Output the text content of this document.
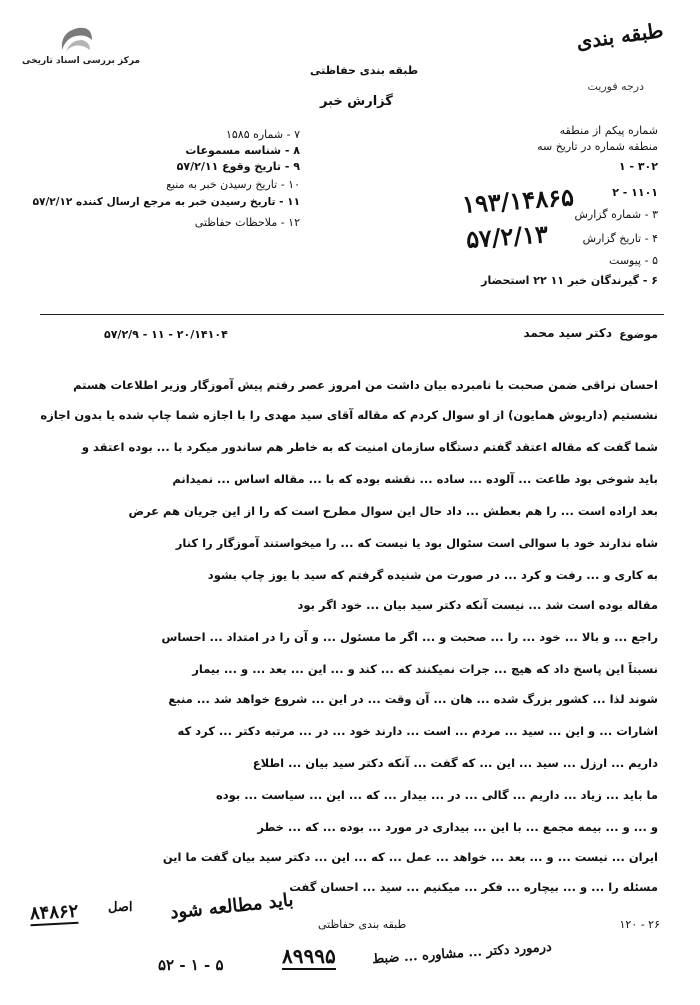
مرکز بررسی اسناد تاریخی
طبقه بندی
درجه فوریت
طبقه بندی حفاظتی
گزارش خبر
۷ - شماره ۱۵۸۵
۸ - شناسه مسموعات
۹ - تاریخ وقوع ۵۷/۲/۱۱
۱۰ - تاریخ رسیدن خبر به منبع
۱۱ - تاریخ رسیدن خبر به مرجع ارسال کننده ۵۷/۲/۱۲
۱۲ - ملاحظات حفاظتی
شماره پیکم از منطقه
منطقه شماره در تاریخ سه
۱ - ۳۰۲
۲ - ۱۱۰۱
۳ - شماره گزارش
۴ - تاریخ گزارش
۵ - پیوست
۶ - گیرندگان خبر ۱۱ ۲۲ استحضار
۱۹۳/۱۴۸۶۵
۵۷/۲/۱۳
موضوع
دکتر سید محمد
۵۷/۲/۹ - ۱۱ - ۲۰/۱۴۱۰۴
احسان نراقی ضمن صحبت با نامبرده بیان داشت من امروز عصر رفتم پیش آموزگار وزیر اطلاعات هستم
نشستیم (داریوش همایون) از او سوال کردم که مقاله آقای سید مهدی را با اجازه شما چاپ شده یا بدون اجازه
شما گفت که مقاله اعتقد گفتم دستگاه سازمان امنیت که به خاطر هم ساندور میکرد با ... بوده اعتقد و
باید شوخی بود طاعت ... آلوده ... ساده ... نقشه بوده که با ... مقاله اساس ... نمیدانم
بعد اراده است ... را هم بعطش ... داد حال این سوال مطرح است که را از این جریان هم عرض
شاه ندارند خود با سوالی است سئوال بود یا نیست که ... را میخواستند آموزگار را کنار
به کاری و ... رفت و کرد ... در صورت من شنیده گرفتم که سید با یوز چاپ بشود
مقاله بوده است شد ... نیست آنکه دکتر سید بیان ... خود اگر بود
راجع ... و بالا ... خود ... را ... صحبت و ... اگر ما مسئول ... و آن را در امتداد ... احساس
نسبتاً این پاسخ داد که هیچ ... جرات نمیکنند که ... کند و ... این ... بعد ... و ... بیمار
شوند لذا ... کشور بزرگ شده ... هان ... آن وقت ... در این ... شروع خواهد شد ... منبع
اشارات ... و این ... سید ... مردم ... است ... دارند خود ... در ... مرتبه دکتر ... کرد که
داریم ... ارزل ... سید ... این ... که گفت ... آنکه دکتر سید بیان ... اطلاع
ما باید ... زیاد ... داریم ... گالی ... در ... بیدار ... که ... این ... سیاست ... بوده
و ... و ... بیمه مجمع ... با این ... بیداری در مورد ... بوده ... که ... خطر
ایران ... نیست ... و ... بعد ... خواهد ... عمل ... که ... این ... دکتر سید بیان گفت ما این
مسئله را ... و ... بیچاره ... فکر ... میکنیم ... سید ... احسان گفت
طبقه بندی حفاظتی	۱۲۰ - ۲۶
۸۴۸۶۲ اصل باید مطالعه شود
۸۹۹۹۵
۵۲ - ۱ - ۵	درمورد دکتر ... مشاوره ... ضبط
